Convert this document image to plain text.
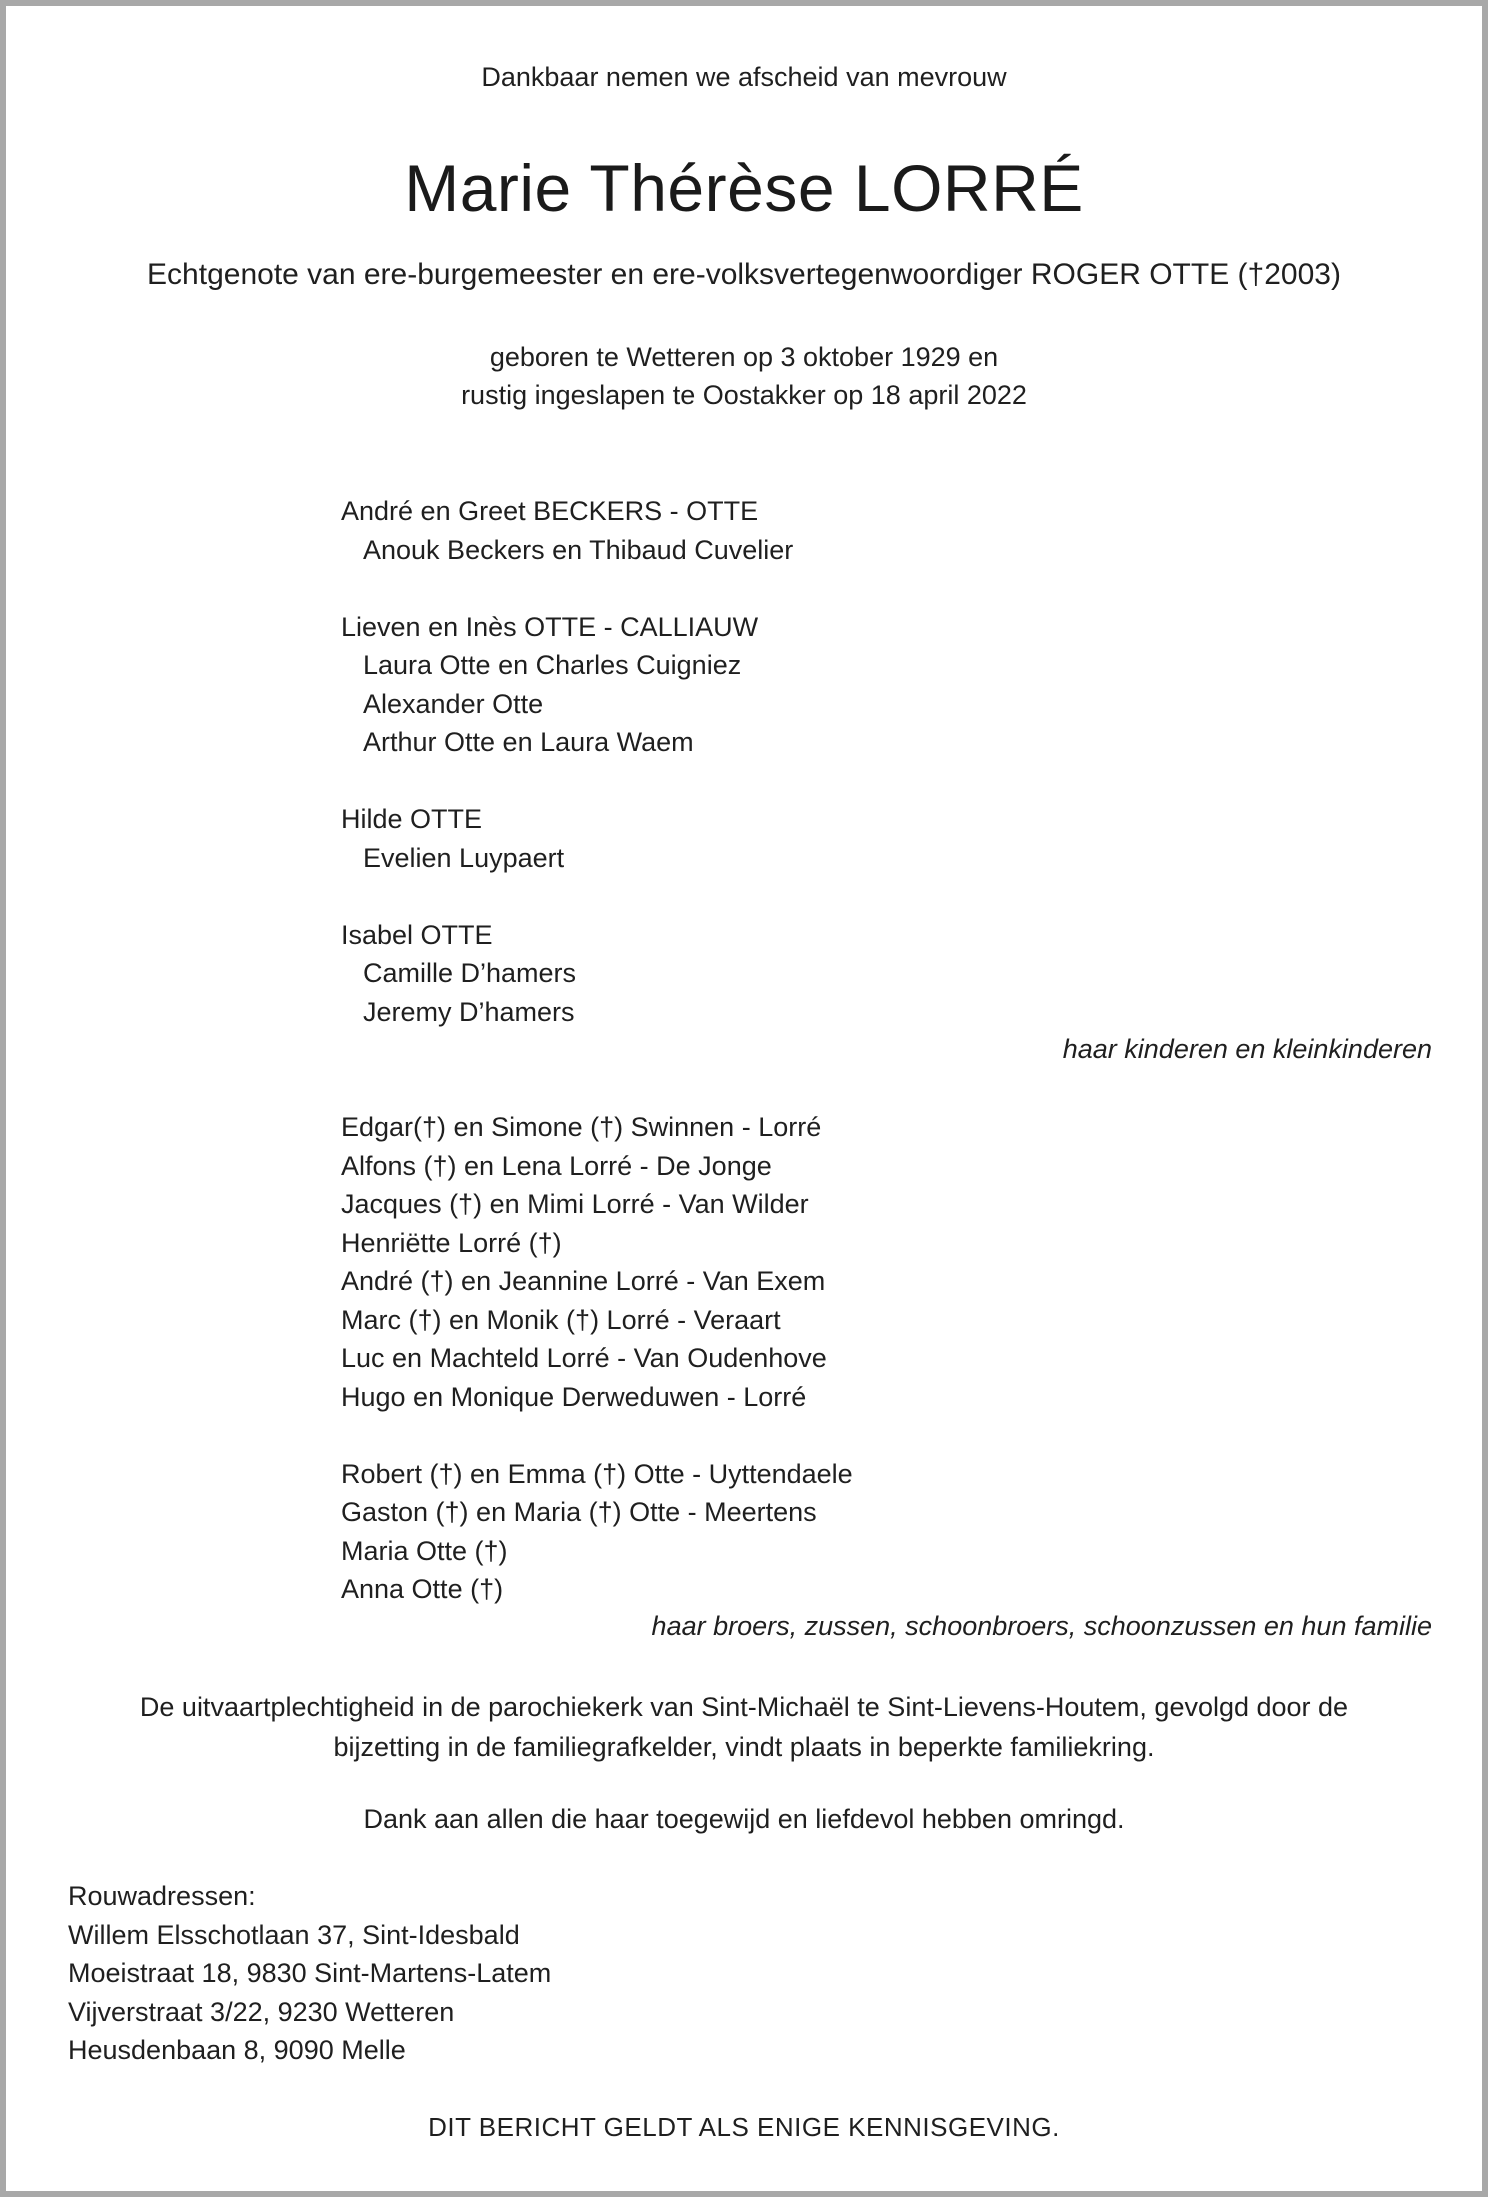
Dankbaar nemen we afscheid van mevrouw
Marie Thérèse LORRÉ
Echtgenote van ere-burgemeester en ere-volksvertegenwoordiger ROGER OTTE (†2003)
geboren te Wetteren op 3 oktober 1929 en
rustig ingeslapen te Oostakker op 18 april 2022
André en Greet BECKERS - OTTE
Anouk Beckers en Thibaud Cuvelier
Lieven en Inès OTTE - CALLIAUW
Laura Otte en Charles Cuigniez
Alexander Otte
Arthur Otte en Laura Waem
Hilde OTTE
Evelien Luypaert
Isabel OTTE
Camille D’hamers
Jeremy D’hamers
haar kinderen en kleinkinderen
Edgar(†) en Simone (†) Swinnen - Lorré
Alfons (†) en Lena Lorré - De Jonge
Jacques (†) en Mimi Lorré - Van Wilder
Henriëtte Lorré (†)
André (†) en Jeannine Lorré - Van Exem
Marc (†) en Monik (†) Lorré - Veraart
Luc en Machteld Lorré - Van Oudenhove
Hugo en Monique Derweduwen - Lorré
Robert (†) en Emma (†) Otte - Uyttendaele
Gaston (†) en Maria (†) Otte - Meertens
Maria Otte (†)
Anna Otte (†)
haar broers, zussen, schoonbroers, schoonzussen en hun familie
De uitvaartplechtigheid in de parochiekerk van Sint-Michaël te Sint-Lievens-Houtem, gevolgd door de
bijzetting in de familiegrafkelder, vindt plaats in beperkte familiekring.
Dank aan allen die haar toegewijd en liefdevol hebben omringd.
Rouwadressen:
Willem Elsschotlaan 37, Sint-Idesbald
Moeistraat 18, 9830 Sint-Martens-Latem
Vijverstraat 3/22, 9230 Wetteren
Heusdenbaan 8, 9090 Melle
DIT BERICHT GELDT ALS ENIGE KENNISGEVING.
